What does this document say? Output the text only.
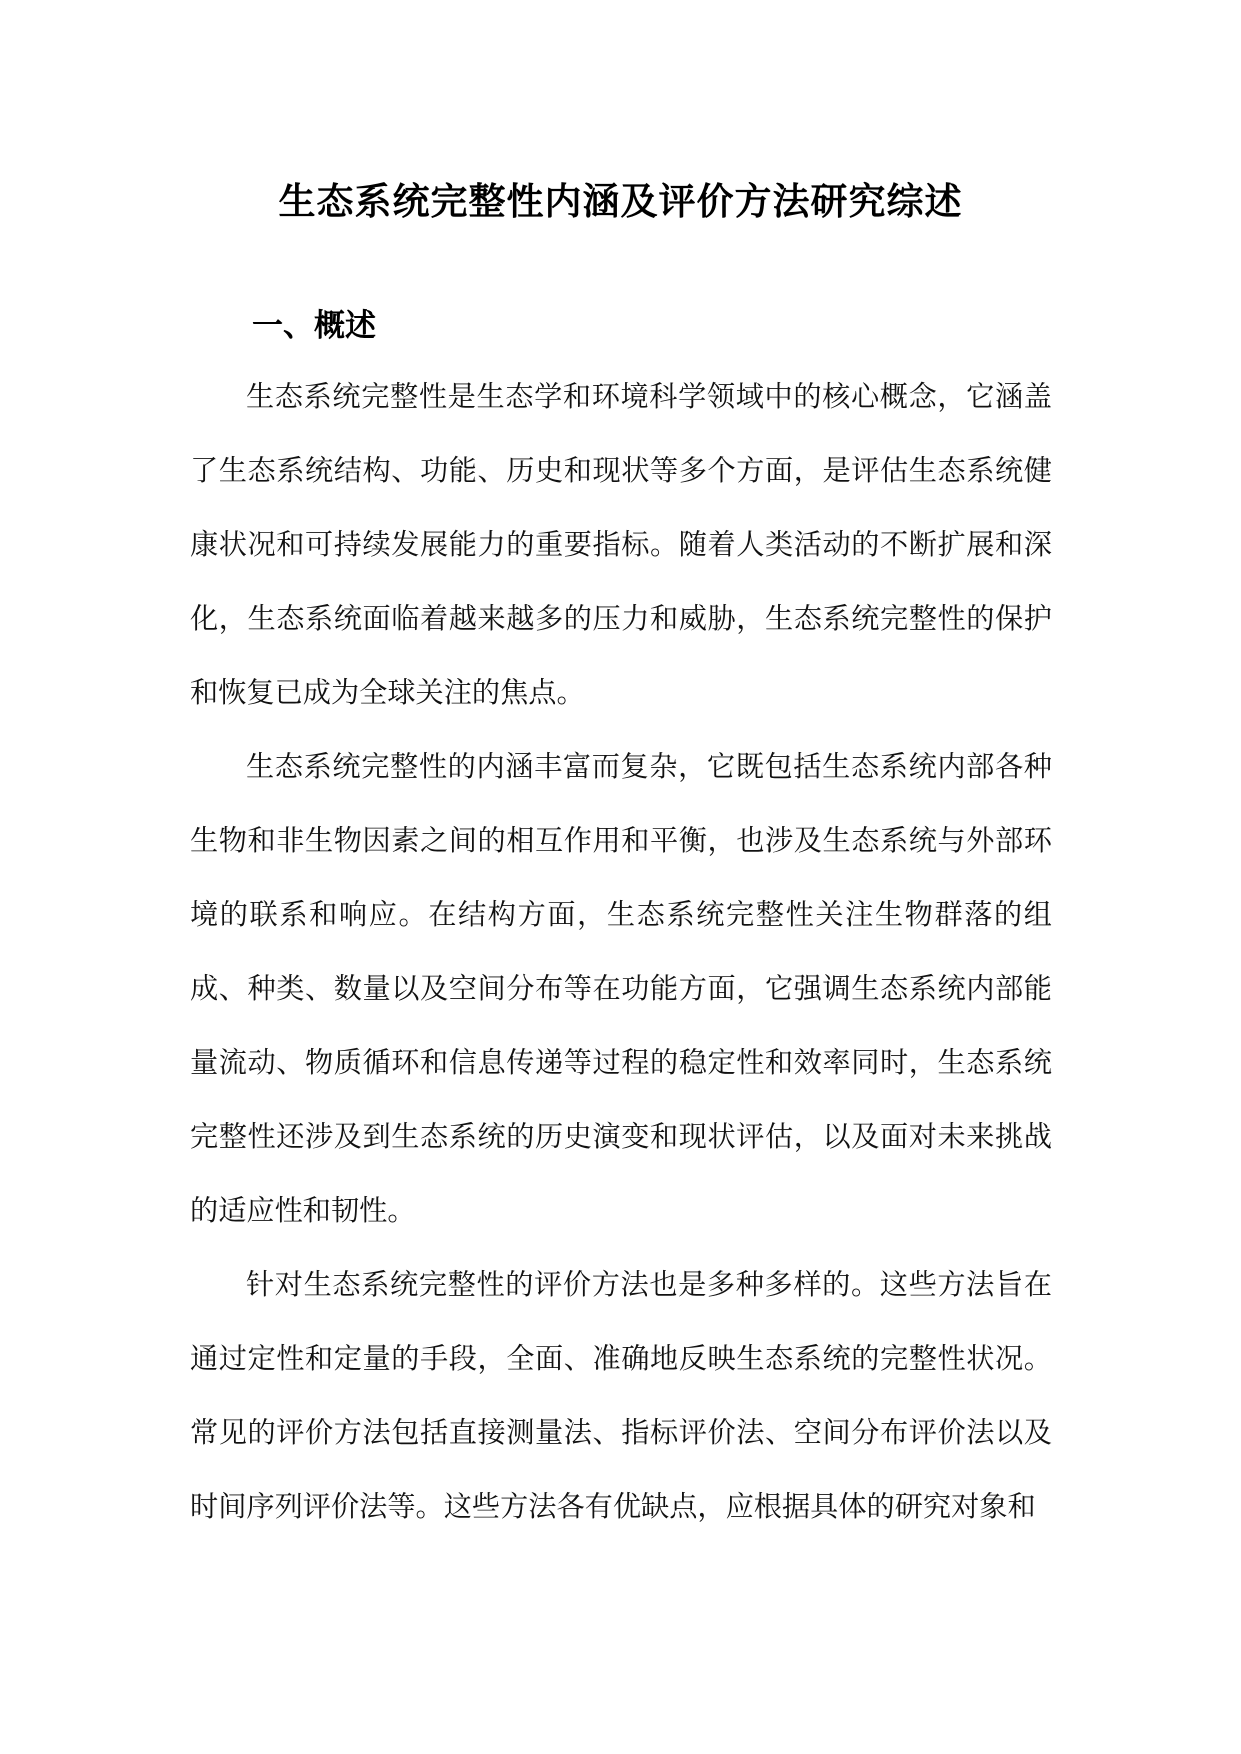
生态系统完整性内涵及评价方法研究综述
一、概述

生态系统完整性是生态学和环境科学领域中的核心概念，它涵盖了生态系统结构、功能、历史和现状等多个方面，是评估生态系统健康状况和可持续发展能力的重要指标。随着人类活动的不断扩展和深化，生态系统面临着越来越多的压力和威胁，生态系统完整性的保护和恢复已成为全球关注的焦点。

生态系统完整性的内涵丰富而复杂，它既包括生态系统内部各种生物和非生物因素之间的相互作用和平衡，也涉及生态系统与外部环境的联系和响应。在结构方面，生态系统完整性关注生物群落的组成、种类、数量以及空间分布等在功能方面，它强调生态系统内部能量流动、物质循环和信息传递等过程的稳定性和效率同时，生态系统完整性还涉及到生态系统的历史演变和现状评估，以及面对未来挑战的适应性和韧性。

针对生态系统完整性的评价方法也是多种多样的。这些方法旨在通过定性和定量的手段，全面、准确地反映生态系统的完整性状况。常见的评价方法包括直接测量法、指标评价法、空间分布评价法以及时间序列评价法等。这些方法各有优缺点，应根据具体的研究对象和
